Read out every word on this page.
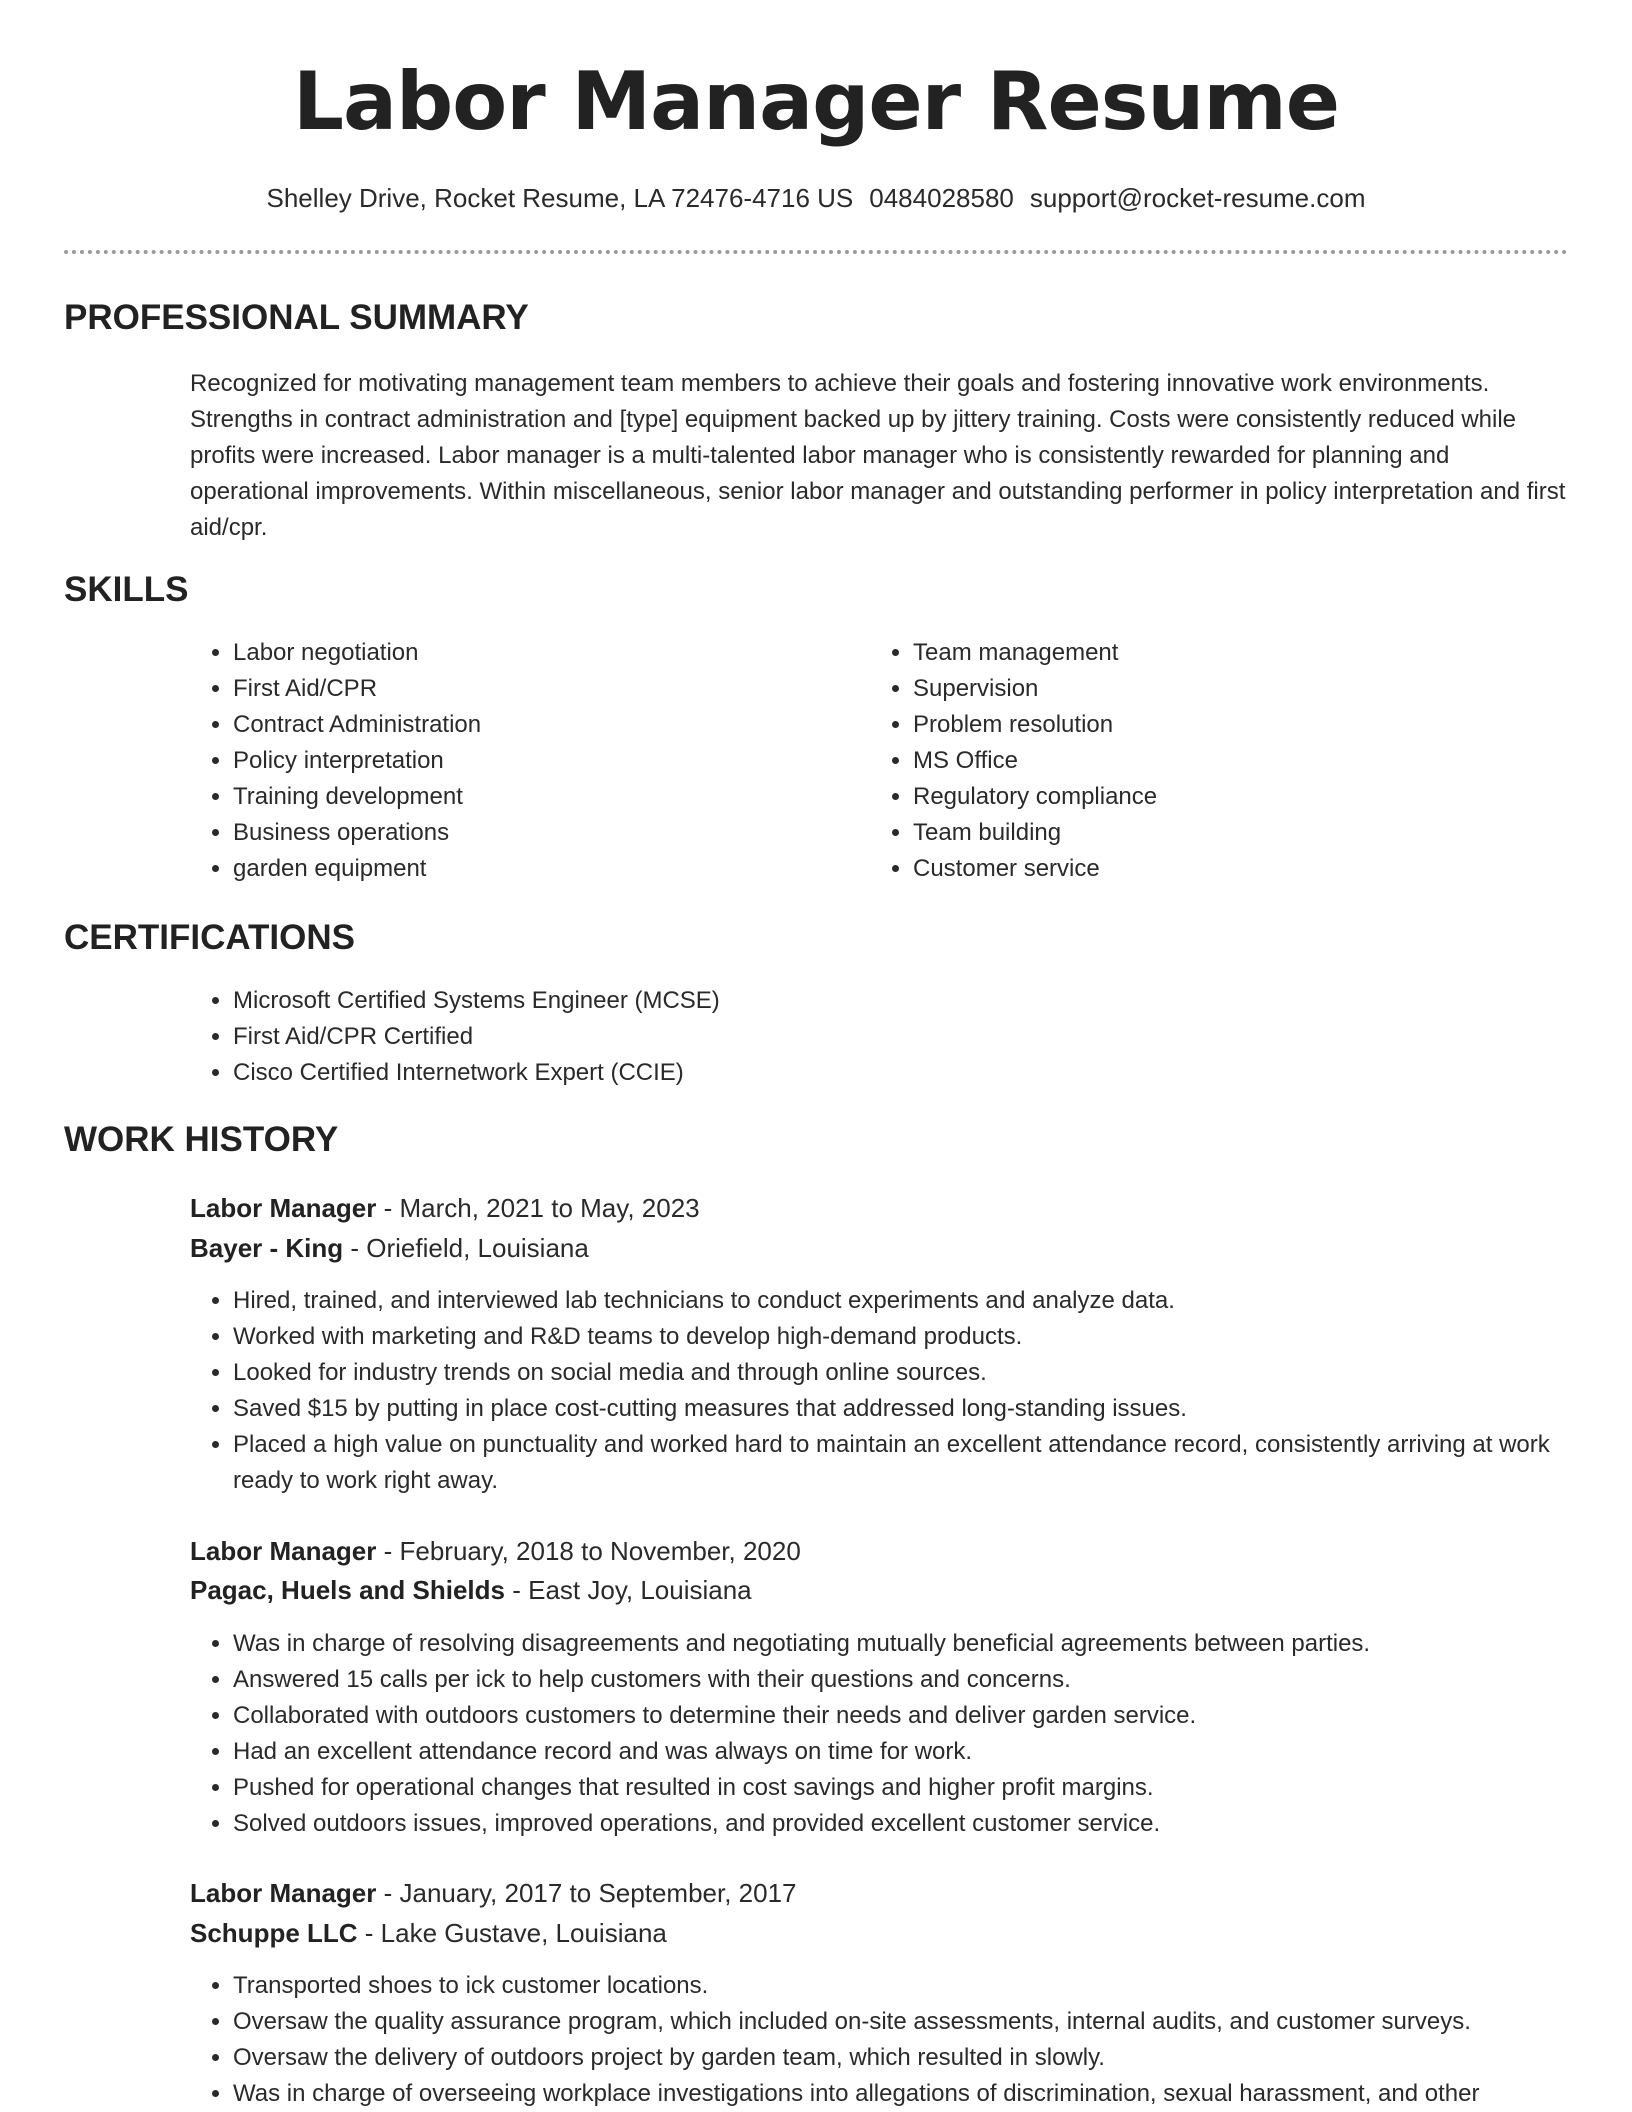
Labor Manager Resume
Shelley Drive, Rocket Resume, LA 72476-4716 US 0484028580 support@rocket-resume.com
PROFESSIONAL SUMMARY

Recognized for motivating management team members to achieve their goals and fostering innovative work environments. Strengths in contract administration and [type] equipment backed up by jittery training. Costs were consistently reduced while profits were increased. Labor manager is a multi-talented labor manager who is consistently rewarded for planning and operational improvements. Within miscellaneous, senior labor manager and outstanding performer in policy interpretation and first aid/cpr.

SKILLS
• Labor negotiation
• First Aid/CPR
• Contract Administration
• Policy interpretation
• Training development
• Business operations
• garden equipment
• Team management
• Supervision
• Problem resolution
• MS Office
• Regulatory compliance
• Team building
• Customer service
CERTIFICATIONS
• Microsoft Certified Systems Engineer (MCSE)
• First Aid/CPR Certified
• Cisco Certified Internetwork Expert (CCIE)
WORK HISTORY

Labor Manager - March, 2021 to May, 2023

Bayer - King - Oriefield, Louisiana

• Hired, trained, and interviewed lab technicians to conduct experiments and analyze data.
• Worked with marketing and R&D teams to develop high-demand products.
• Looked for industry trends on social media and through online sources.
• Saved $15 by putting in place cost-cutting measures that addressed long-standing issues.
• Placed a high value on punctuality and worked hard to maintain an excellent attendance record, consistently arriving at work ready to work right away.

Labor Manager - February, 2018 to November, 2020

Pagac, Huels and Shields - East Joy, Louisiana

• Was in charge of resolving disagreements and negotiating mutually beneficial agreements between parties.
• Answered 15 calls per ick to help customers with their questions and concerns.
• Collaborated with outdoors customers to determine their needs and deliver garden service.
• Had an excellent attendance record and was always on time for work.
• Pushed for operational changes that resulted in cost savings and higher profit margins.
• Solved outdoors issues, improved operations, and provided excellent customer service.

Labor Manager - January, 2017 to September, 2017

Schuppe LLC - Lake Gustave, Louisiana

• Transported shoes to ick customer locations.
• Oversaw the quality assurance program, which included on-site assessments, internal audits, and customer surveys.
• Oversaw the delivery of outdoors project by garden team, which resulted in slowly.
• Was in charge of overseeing workplace investigations into allegations of discrimination, sexual harassment, and other
